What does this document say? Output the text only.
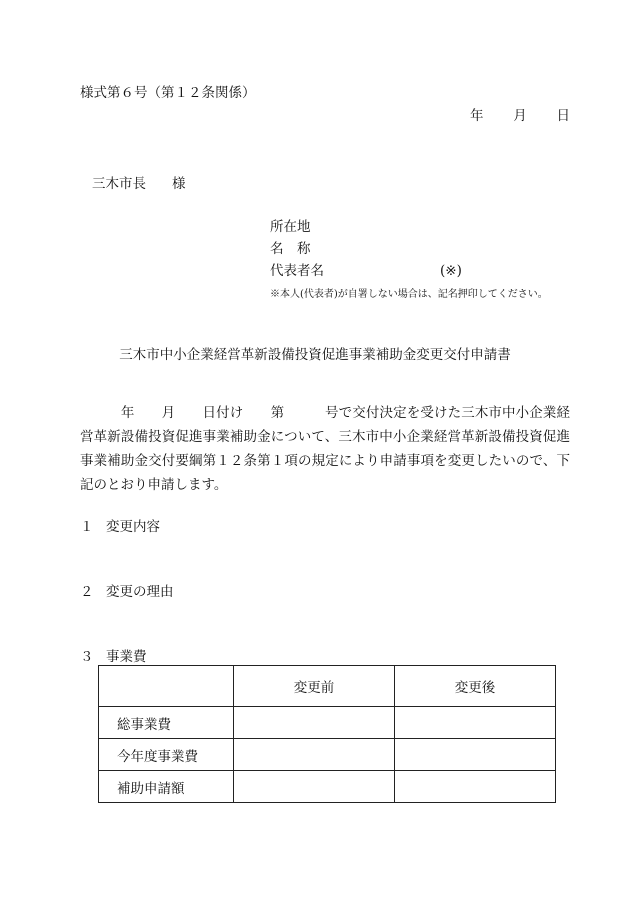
様式第６号（第１２条関係）
年 月 日
三木市長 様
所在地
名　称
代表者名	(※)
※本人(代表者)が自署しない場合は、記名押印してください。
三木市中小企業経営革新設備投資促進事業補助金変更交付申請書
　　　年　　月　　日付け　　第　　　号で交付決定を受けた三木市中小企業経営革新設備投資促進事業補助金について、三木市中小企業経営革新設備投資促進事業補助金交付要綱第１２条第１項の規定により申請事項を変更したいので、下記のとおり申請します。
１ 変更内容
２ 変更の理由
３ 事業費
	変更前	変更後
総事業費		
今年度事業費		
補助申請額		
